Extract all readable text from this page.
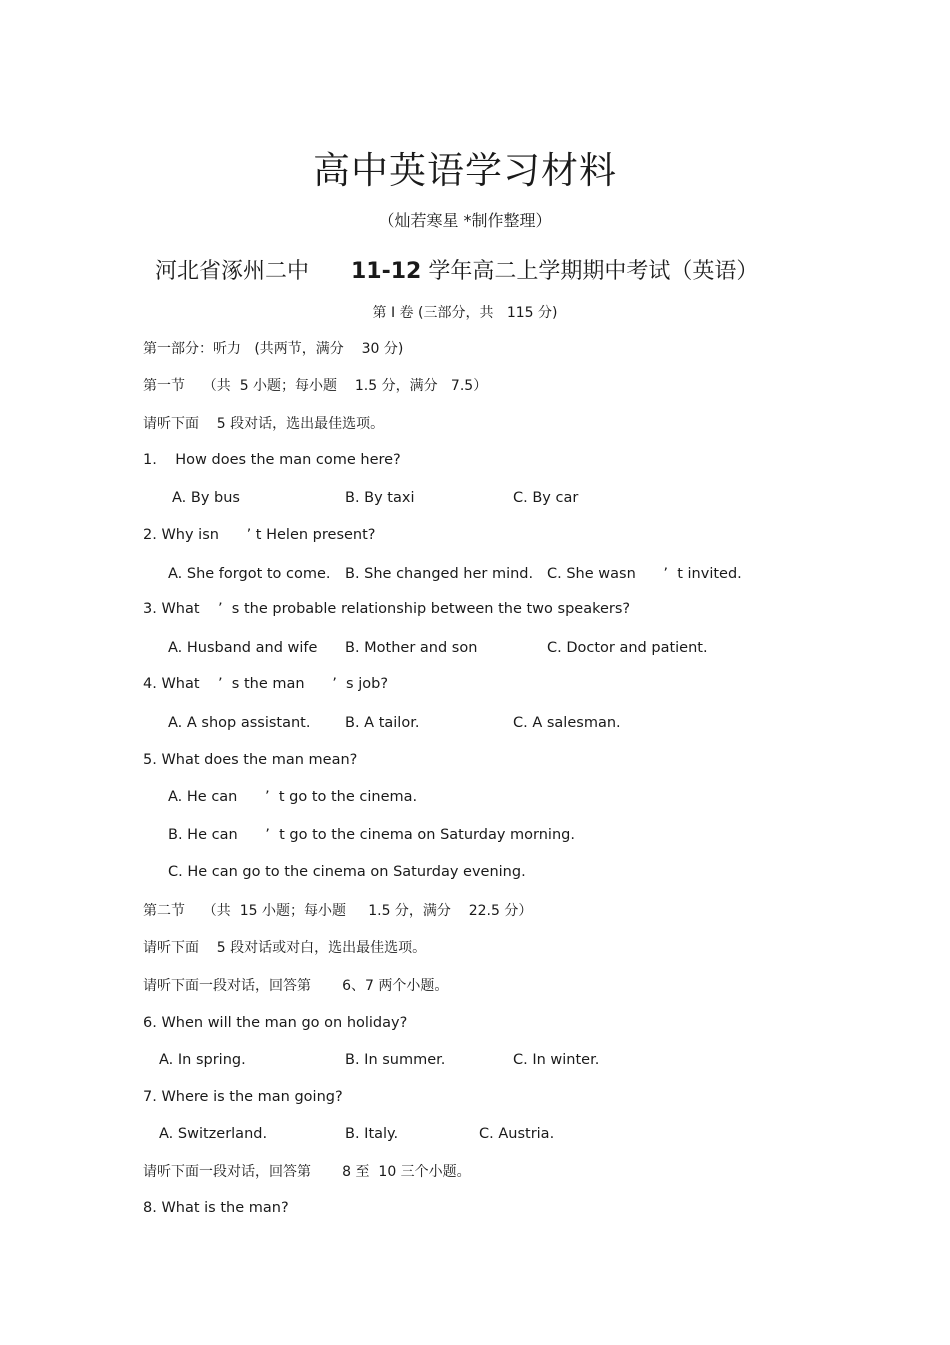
高中英语学习材料
（灿若寒星 *制作整理）
河北省涿州二中 11-12 学年高二上学期期中考试（英语）
第 I 卷 (三部分，共   115 分)
第一部分：听力   (共两节，满分    30 分)
第一节    （共  5 小题；每小题    1.5 分，满分   7.5）
请听下面    5 段对话，选出最佳选项。
1.    How does the man come here?
A. By bus	B. By taxi	C. By car
2. Why isn      ’ t Helen present?
A. She forgot to come. B. She changed her mind. C. She wasn      ’  t invited.
3. What    ’  s the probable relationship between the two speakers?
A. Husband and wife B. Mother and son	C. Doctor and patient.
4. What    ’  s the man      ’  s job?
A. A shop assistant. B. A tailor.	C. A salesman.
5. What does the man mean?
A. He can      ’  t go to the cinema.
B. He can      ’  t go to the cinema on Saturday morning.
C. He can go to the cinema on Saturday evening.
第二节    （共  15 小题；每小题     1.5 分，满分    22.5 分）
请听下面    5 段对话或对白，选出最佳选项。
请听下面一段对话，回答第       6、7 两个小题。
6. When will the man go on holiday?
A. In spring.	B. In summer.	C. In winter.
7. Where is the man going?
A. Switzerland.	B. Italy.	C. Austria.
请听下面一段对话，回答第       8 至  10 三个小题。
8. What is the man?
